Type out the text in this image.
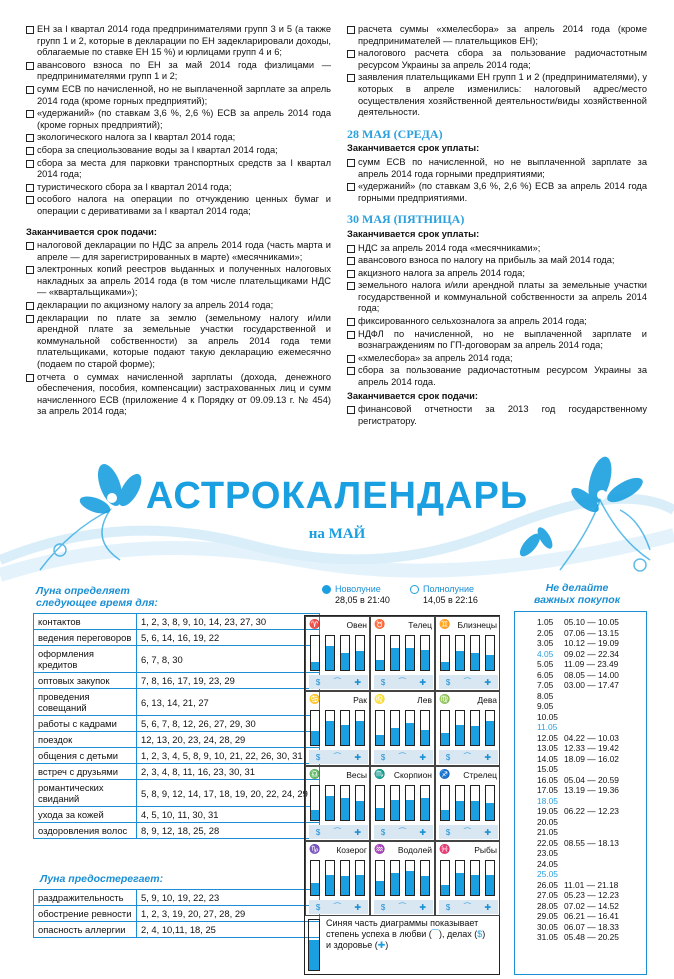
ЕН за I квартал 2014 года предпринимателями групп 3 и 5 (а также групп 1 и 2, которые в декларации по ЕН задекларировали доходы, облагаемые по ставке ЕН 15 %) и юрлицами групп 4 и 6;
авансового взноса по ЕН за май 2014 года физлицами — предпринимателями групп 1 и 2;
сумм ЕСВ по начисленной, но не выплаченной зарплате за апрель 2014 года (кроме горных предприятий);
«удержаний» (по ставкам 3,6 %, 2,6 %) ЕСВ за апрель 2014 года (кроме горных предприятий);
экологического налога за I квартал 2014 года;
сбора за специользование воды за I квартал 2014 года;
сбора за места для парковки транспортных средств за I квартал 2014 года;
туристического сбора за I квартал 2014 года;
особого налога на операции по отчуждению ценных бумаг и операции с деривативами за I квартал 2014 года;
Заканчивается срок подачи:
налоговой декларации по НДС за апрель 2014 года (часть марта и апреле — для зарегистрированных в марте) «месячниками»;
электронных копий реестров выданных и полученных налоговых накладных за апрель 2014 года (в том числе плательщиками НДС — «квартальщиками»);
декларации по акцизному налогу за апрель 2014 года;
декларации по плате за землю (земельному налогу и/или арендной плате за земельные участки государственной и коммунальной собственности) за апрель 2014 года теми плательщиками, которые подают такую декларацию ежемесячно (подаем по старой форме);
отчета о суммах начисленной зарплаты (дохода, денежного обеспечения, пособия, компенсации) застрахованных лиц и сумм начисленного ЕСВ (приложение 4 к Порядку от 09.09.13 г. № 454) за апрель 2014 года;
расчета суммы «хмелесбора» за апрель 2014 года (кроме предпринимателей — плательщиков ЕН);
налогового расчета сбора за пользование радиочастотным ресурсом Украины за апрель 2014 года;
заявления плательщиками ЕН групп 1 и 2 (предпринимателями), у которых в апреле изменились: налоговый адрес/место осуществления хозяйственной деятельности/виды хозяйственной деятельности.
28 МАЯ (СРЕДА)
Заканчивается срок уплаты:
сумм ЕСВ по начисленной, но не выплаченной зарплате за апрель 2014 года горными предприятиями;
«удержаний» (по ставкам 3,6 %, 2,6 %) ЕСВ за апрель 2014 года горными предприятиями.
30 МАЯ (ПЯТНИЦА)
Заканчивается срок уплаты:
НДС за апрель 2014 года «месячниками»;
авансового взноса по налогу на прибыль за май 2014 года;
акцизного налога за апрель 2014 года;
земельного налога и/или арендной платы за земельные участки государственной и коммунальной собственности за апрель 2014 года;
фиксированного сельхозналога за апрель 2014 года;
НДФЛ по начисленной, но не выплаченной зарплате и вознаграждениям по ГП-договорам за апрель 2014 года;
«хмелесбора» за апрель 2014 года;
сбора за пользование радиочастотным ресурсом Украины за апрель 2014 года.
Заканчивается срок подачи:
финансовой отчетности за 2013 год государственному регистратору.
АСТРОКАЛЕНДАРЬ
на МАЙ
Луна определяет
следующее время для:
контактов	1, 2, 3, 8, 9, 10, 14, 23, 27, 30
ведения переговоров	5, 6, 14, 16, 19, 22
оформления кредитов	6, 7, 8, 30
оптовых закупок	7, 8, 16, 17, 19, 23, 29
проведения совещаний	6, 13, 14, 21, 27
работы с кадрами	5, 6, 7, 8, 12, 26, 27, 29, 30
поездок	12, 13, 20, 23, 24, 28, 29
общения с детьми	1, 2, 3, 4, 5, 8, 9, 10, 21, 22, 26, 30, 31
встреч с друзьями	2, 3, 4, 8, 11, 16, 23, 30, 31
романтических свиданий	5, 8, 9, 12, 14, 17, 18, 19, 20, 22, 24, 29
ухода за кожей	4, 5, 10, 11, 30, 31
оздоровления волос	8, 9, 12, 18, 25, 28
Луна предостерегает:
раздражительность	5, 9, 10, 19, 22, 23
обострение ревности	1, 2, 3, 19, 20, 27, 28, 29
опасность аллергии	2, 4, 10,11, 18, 25
Новолуние
28,05 в 21:40
Полнолуние
14,05 в 22:16
♈	Овен
$ ⁀ ✚
♉	Телец
$ ⁀ ✚
♊ Близнецы
$ ⁀ ✚
♋	Рак
$ ⁀ ✚
♌	Лев
$ ⁀ ✚
♍	Дева
$ ⁀ ✚
♎	Весы
$ ⁀ ✚
♏ Скорпион
$ ⁀ ✚
♐ Стрелец
$ ⁀ ✚
♑ Козерог
$ ⁀ ✚
♒ Водолей
$ ⁀ ✚
♓	Рыбы
$ ⁀ ✚
Синяя часть диаграммы показывает
степень успеха в любви (⁀), делах ($)
и здоровье (✚)
Не делайте
важных покупок
1.05	05.10 — 10.05
2.05	07.06 — 13.15
3.05	10.12 — 19.09
4.05	09.02 — 22.34
5.05	11.09 — 23.49
6.05	08.05 — 14.00
7.05	03.00 — 17.47
8.05
9.05
10.05
11.05
12.05 04.22 — 10.03
13.05 12.33 — 19.42
14.05 18.09 — 16.02
15.05
16.05 05.04 — 20.59
17.05 13.19 — 19.36
18.05
19.05 06.22 — 12.23
20.05
21.05
22.05 08.55 — 18.13
23.05
24.05
25.05
26.05 11.01 — 21.18
27.05 05.23 — 12.23
28.05 07.02 — 14.52
29.05 06.21 — 16.41
30.05 06.07 — 18.33
31.05 05.48 — 20.25
